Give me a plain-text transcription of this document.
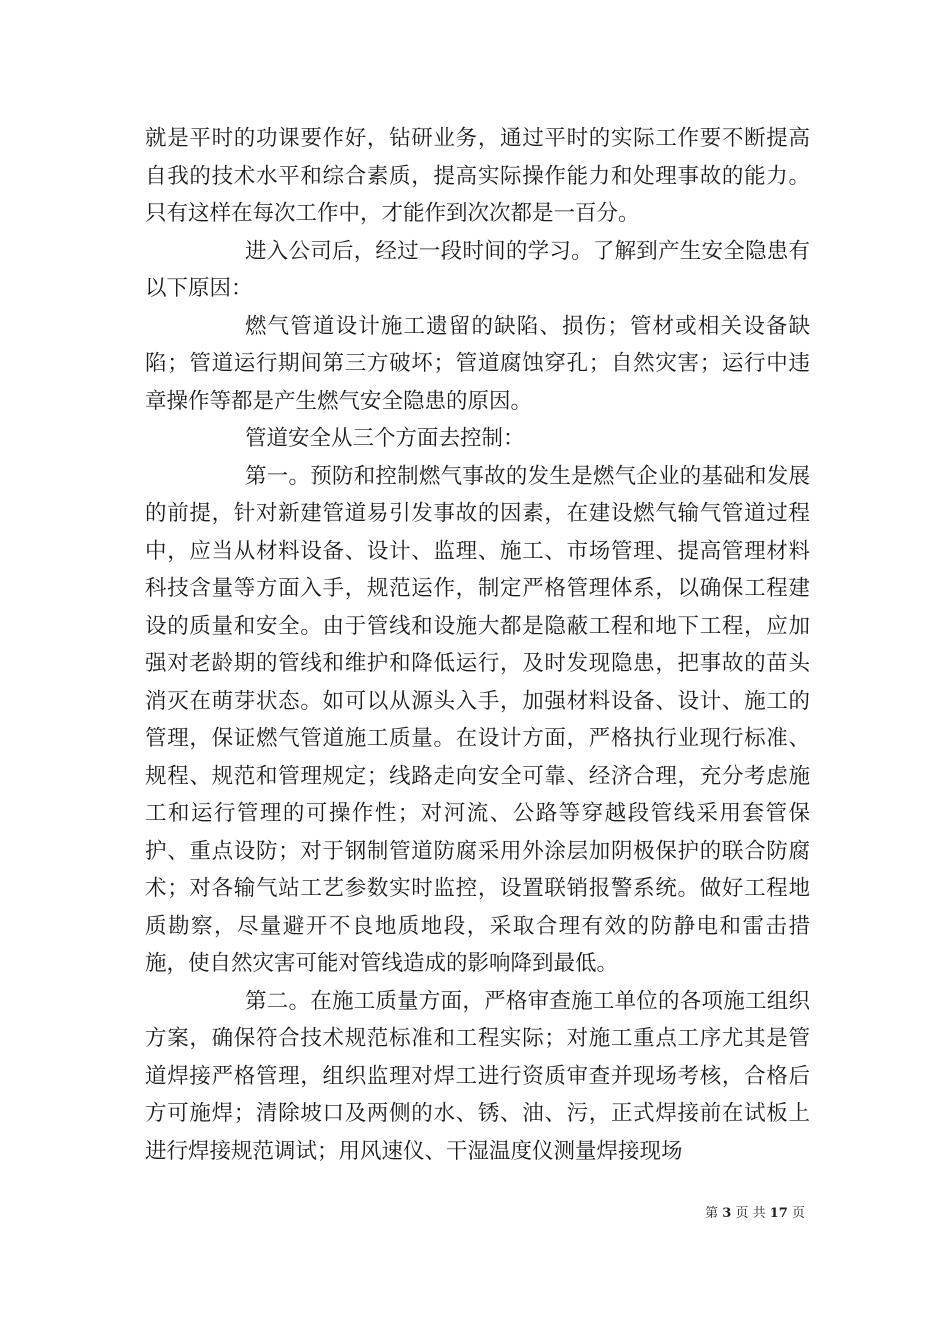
就是平时的功课要作好，钻研业务，通过平时的实际工作要不断提高自我的技术水平和综合素质，提高实际操作能力和处理事故的能力。只有这样在每次工作中，才能作到次次都是一百分。

进入公司后，经过一段时间的学习。了解到产生安全隐患有以下原因：

燃气管道设计施工遗留的缺陷、损伤；管材或相关设备缺陷；管道运行期间第三方破坏；管道腐蚀穿孔；自然灾害；运行中违章操作等都是产生燃气安全隐患的原因。

管道安全从三个方面去控制：

第一。预防和控制燃气事故的发生是燃气企业的基础和发展的前提，针对新建管道易引发事故的因素，在建设燃气输气管道过程中，应当从材料设备、设计、监理、施工、市场管理、提高管理材料科技含量等方面入手，规范运作，制定严格管理体系，以确保工程建设的质量和安全。由于管线和设施大都是隐蔽工程和地下工程，应加强对老龄期的管线和维护和降低运行，及时发现隐患，把事故的苗头消灭在萌芽状态。如可以从源头入手，加强材料设备、设计、施工的管理，保证燃气管道施工质量。在设计方面，严格执行业现行标准、规程、规范和管理规定；线路走向安全可靠、经济合理，充分考虑施工和运行管理的可操作性；对河流、公路等穿越段管线采用套管保护、重点设防；对于钢制管道防腐采用外涂层加阴极保护的联合防腐术；对各输气站工艺参数实时监控，设置联销报警系统。做好工程地质勘察，尽量避开不良地质地段，采取合理有效的防静电和雷击措施，使自然灾害可能对管线造成的影响降到最低。

第二。在施工质量方面，严格审查施工单位的各项施工组织方案，确保符合技术规范标准和工程实际；对施工重点工序尤其是管道焊接严格管理，组织监理对焊工进行资质审查并现场考核，合格后方可施焊；清除坡口及两侧的水、锈、油、污，正式焊接前在试板上进行焊接规范调试；用风速仪、干湿温度仪测量焊接现场

第 3 页 共 17 页
